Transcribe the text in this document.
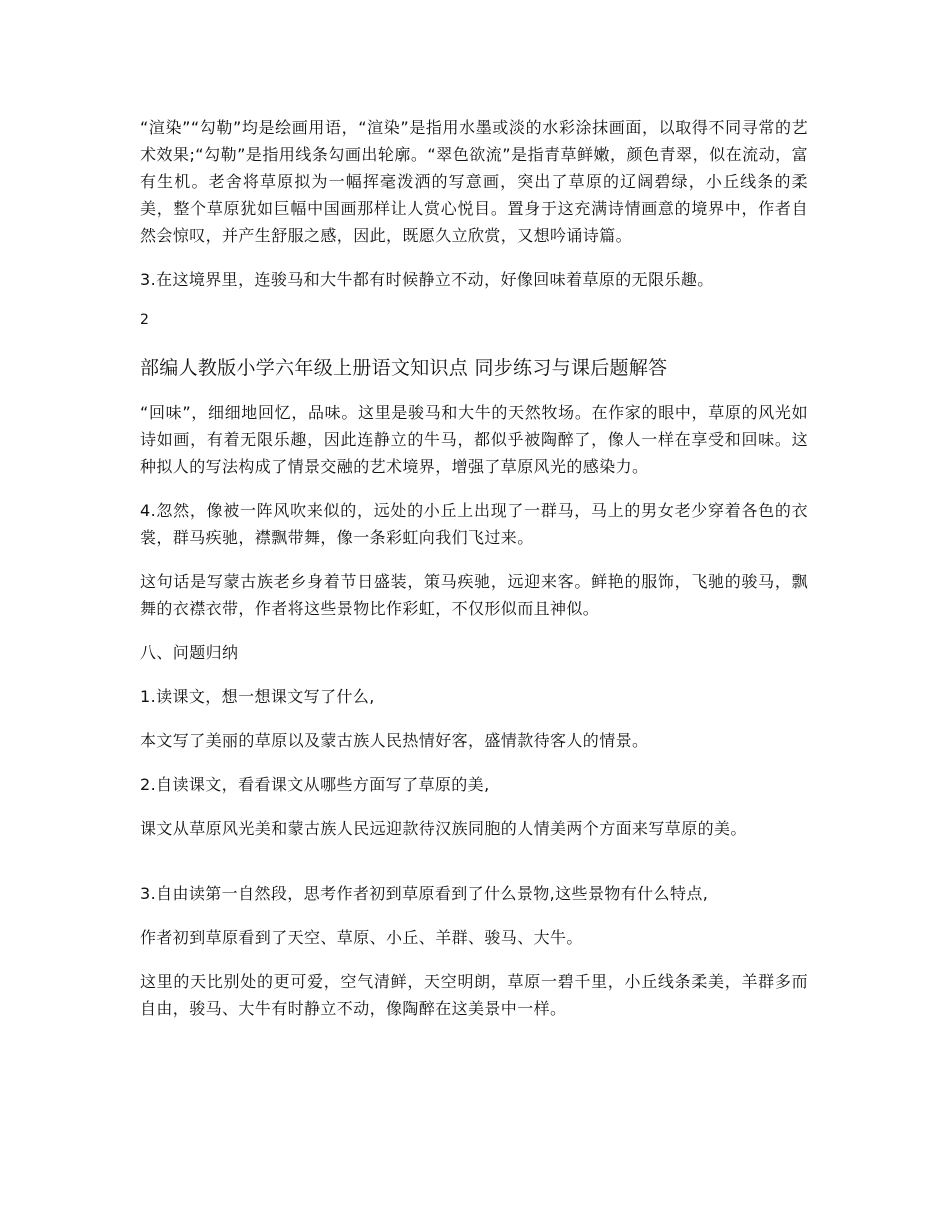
“渲染”“勾勒”均是绘画用语，“渲染”是指用水墨或淡的水彩涂抹画面，以取得不同寻常的艺术效果;“勾勒”是指用线条勾画出轮廓。“翠色欲流”是指青草鲜嫩，颜色青翠，似在流动，富有生机。老舍将草原拟为一幅挥毫泼洒的写意画，突出了草原的辽阔碧绿，小丘线条的柔美，整个草原犹如巨幅中国画那样让人赏心悦目。置身于这充满诗情画意的境界中，作者自然会惊叹，并产生舒服之感，因此，既愿久立欣赏，又想吟诵诗篇。

3.在这境界里，连骏马和大牛都有时候静立不动，好像回味着草原的无限乐趣。

2

部编人教版小学六年级上册语文知识点 同步练习与课后题解答

“回味”，细细地回忆，品味。这里是骏马和大牛的天然牧场。在作家的眼中，草原的风光如诗如画，有着无限乐趣，因此连静立的牛马，都似乎被陶醉了，像人一样在享受和回味。这种拟人的写法构成了情景交融的艺术境界，增强了草原风光的感染力。

4.忽然，像被一阵风吹来似的，远处的小丘上出现了一群马，马上的男女老少穿着各色的衣裳，群马疾驰，襟飘带舞，像一条彩虹向我们飞过来。

这句话是写蒙古族老乡身着节日盛装，策马疾驰，远迎来客。鲜艳的服饰，飞驰的骏马，飘舞的衣襟衣带，作者将这些景物比作彩虹，不仅形似而且神似。

八、问题归纳

1.读课文，想一想课文写了什么,

本文写了美丽的草原以及蒙古族人民热情好客，盛情款待客人的情景。

2.自读课文，看看课文从哪些方面写了草原的美,

课文从草原风光美和蒙古族人民远迎款待汉族同胞的人情美两个方面来写草原的美。

3.自由读第一自然段，思考作者初到草原看到了什么景物,这些景物有什么特点,

作者初到草原看到了天空、草原、小丘、羊群、骏马、大牛。

这里的天比别处的更可爱，空气清鲜，天空明朗，草原一碧千里，小丘线条柔美，羊群多而自由，骏马、大牛有时静立不动，像陶醉在这美景中一样。
